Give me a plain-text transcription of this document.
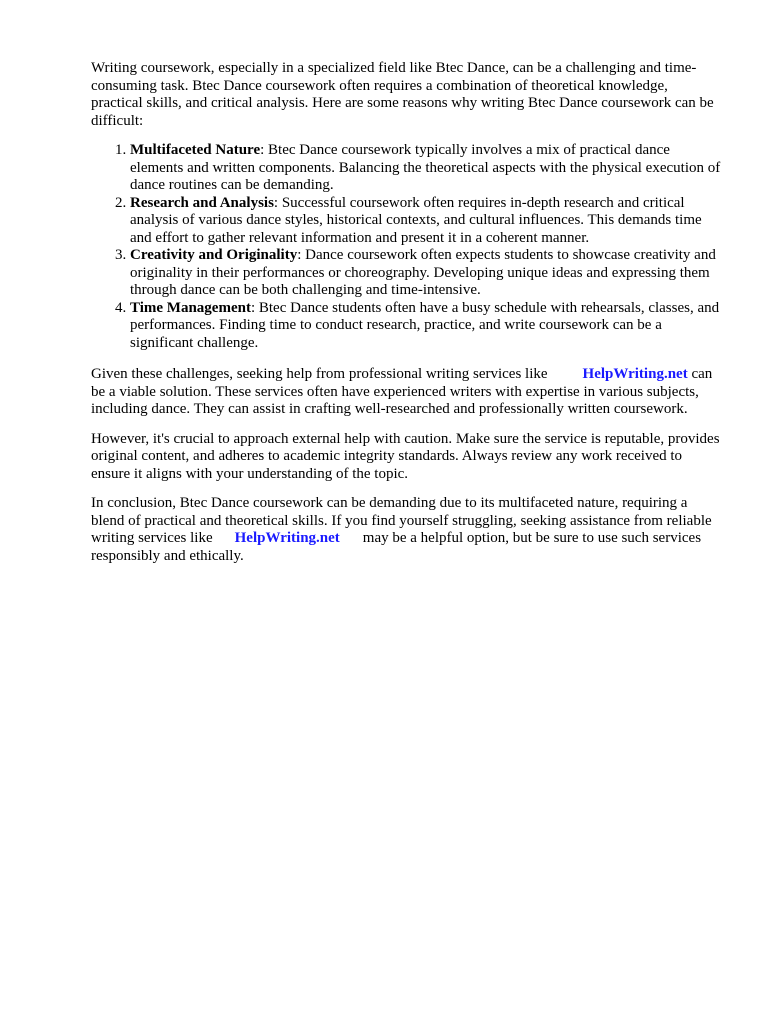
Writing coursework, especially in a specialized field like Btec Dance, can be a challenging and time-consuming task. Btec Dance coursework often requires a combination of theoretical knowledge, practical skills, and critical analysis. Here are some reasons why writing Btec Dance coursework can be difficult:

1. Multifaceted Nature: Btec Dance coursework typically involves a mix of practical dance elements and written components. Balancing the theoretical aspects with the physical execution of dance routines can be demanding.
2. Research and Analysis: Successful coursework often requires in-depth research and critical analysis of various dance styles, historical contexts, and cultural influences. This demands time and effort to gather relevant information and present it in a coherent manner.
3. Creativity and Originality: Dance coursework often expects students to showcase creativity and originality in their performances or choreography. Developing unique ideas and expressing them through dance can be both challenging and time-intensive.
4. Time Management: Btec Dance students often have a busy schedule with rehearsals, classes, and performances. Finding time to conduct research, practice, and write coursework can be a significant challenge.

Given these challenges, seeking help from professional writing services like HelpWriting.net can be a viable solution. These services often have experienced writers with expertise in various subjects, including dance. They can assist in crafting well-researched and professionally written coursework.

However, it's crucial to approach external help with caution. Make sure the service is reputable, provides original content, and adheres to academic integrity standards. Always review any work received to ensure it aligns with your understanding of the topic.

In conclusion, Btec Dance coursework can be demanding due to its multifaceted nature, requiring a blend of practical and theoretical skills. If you find yourself struggling, seeking assistance from reliable writing services like HelpWriting.net may be a helpful option, but be sure to use such services responsibly and ethically.
